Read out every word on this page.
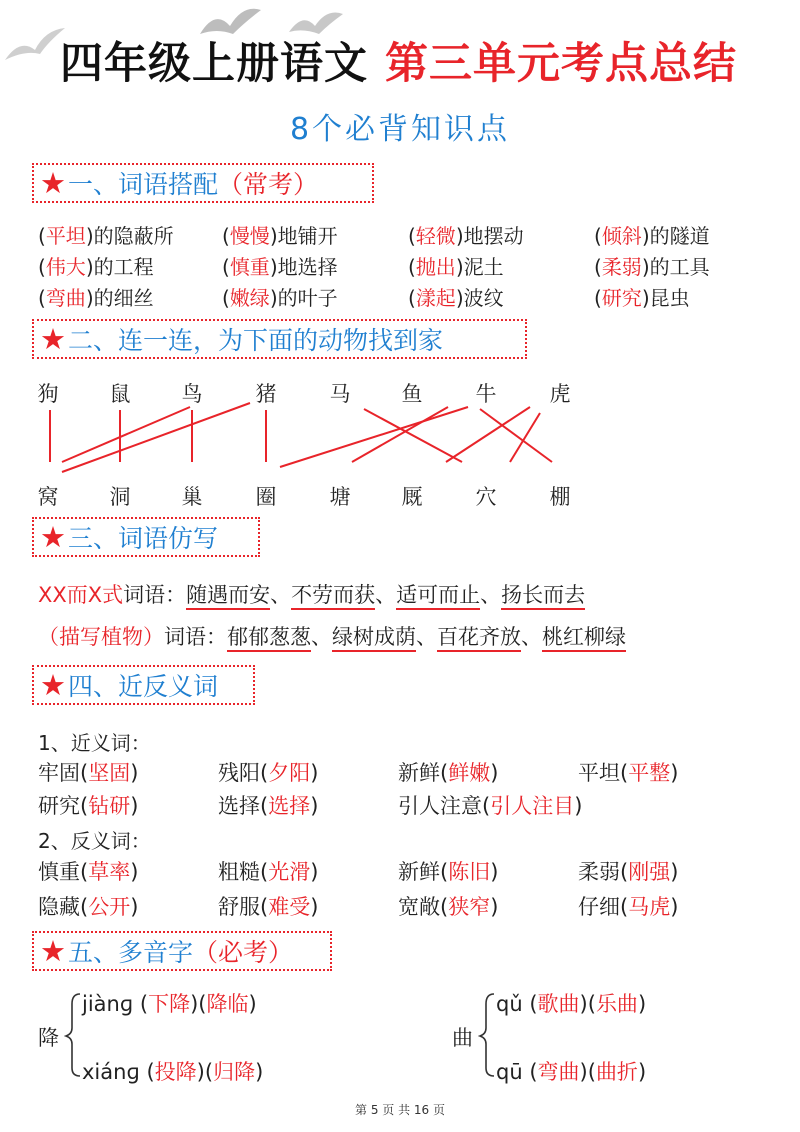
四年级上册语文 第三单元考点总结
8个必背知识点
★一、词语搭配（常考）
(平坦)的隐蔽所 (慢慢)地铺开	(轻微)地摆动	(倾斜)的隧道
(伟大)的工程	(慎重)地选择	(抛出)泥土	(柔弱)的工具
(弯曲)的细丝	(嫩绿)的叶子	(漾起)波纹	(研究)昆虫
★二、连一连，为下面的动物找到家
狗 鼠 鸟	猪	马 鱼	牛	虎
窝 洞 巢	圈	塘 厩	穴	棚
★三、词语仿写
XX而X式词语：随遇而安、不劳而获、适可而止、扬长而去
（描写植物）词语：郁郁葱葱、绿树成荫、百花齐放、桃红柳绿
★四、近反义词
1、近义词：
牢固(坚固)	残阳(夕阳)	新鲜(鲜嫩)	平坦(平整)
研究(钻研)	选择(选择)	引人注意(引人注目)
2、反义词：
慎重(草率)	粗糙(光滑)	新鲜(陈旧)	柔弱(刚强)
隐藏(公开)	舒服(难受)	宽敞(狭窄)	仔细(马虎)
★五、多音字（必考）
降
jiànɡ (下降)(降临)
xiánɡ (投降)(归降)
曲
qǔ (歌曲)(乐曲)
qū (弯曲)(曲折)
第 5 页 共 16 页
